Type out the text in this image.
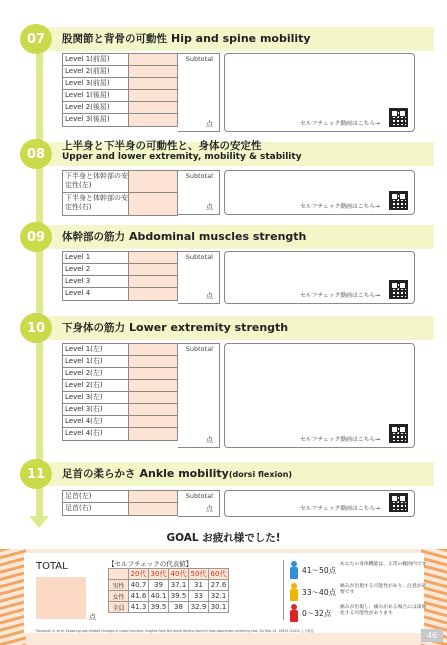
07	股関節と背骨の可動性 Hip and spine mobility
Level 1(前屈)
Level 2(前屈)
Level 3(前屈)
Level 1(後屈)
Level 2(後屈)
Level 3(後屈)
Subtotal
点	セルフチェック動画はこちら→
08
上半身と下半身の可動性と、身体の安定性
Upper and lower extremity, mobility & stability
下半身と体幹部の安定性(左)
下半身と体幹部の安定性(右)
Subtotal
点	セルフチェック動画はこちら→
09	体幹部の筋力 Abdominal muscles strength
Level 1
Level 2
Level 3
Level 4
Subtotal
点	セルフチェック動画はこちら→
10	下身体の筋力 Lower extremity strength
Level 1(左)
Level 1(右)
Level 2(左)
Level 2(右)
Level 3(左)
Level 3(右)
Level 4(左)
Level 4(右)
Subtotal
点	セルフチェック動画はこちら→
11	足首の柔らかさ Ankle mobility(dorsi flexion)
足首(左)
足首(右)
Subtotal
点	セルフチェック動画はこちら→
GOAL お疲れ様でした!
TOTAL
点
【セルフチェックの代表値】
	20代	30代	40代	50代	60代
男性	40.7	39	37.1	31	27.6
女性	41.6	40.1	39.5	33	32.1
全員	41.3	39.5	38	32.9	30.1
41〜50点
あなたの身体機能は、正常の範囲内です
33〜40点
痛みが出現する可能性があり、注意が必要です
0〜32点
痛みが出現し、痛みがある場合には深刻化する可能性があります
Moreside, K. et al. Exploring age-related changes in motor function: insights from the ankle decline found in foot-awareness screening tool. Sci Rep 14, 18943 (2024) より改変	46
